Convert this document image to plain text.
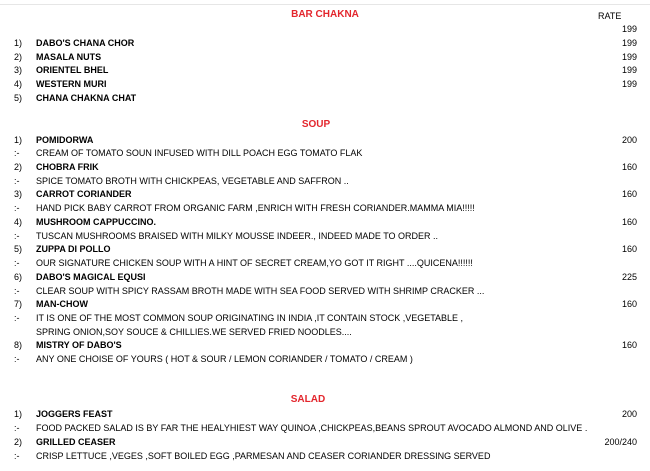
BAR CHAKNA	RATE
199
1) DABO'S CHANA CHOR	199
2) MASALA NUTS	199
3) ORIENTEL BHEL	199
4) WESTERN MURI	199
5) CHANA CHAKNA CHAT
SOUP
1) POMIDORWA	200
:- CREAM OF TOMATO SOUN INFUSED WITH DILL POACH EGG TOMATO FLAK
2) CHOBRA FRIK	160
:- SPICE TOMATO BROTH WITH CHICKPEAS, VEGETABLE AND SAFFRON ..
3) CARROT CORIANDER	160
:- HAND PICK BABY CARROT FROM ORGANIC FARM ,ENRICH WITH FRESH CORIANDER.MAMMA MIA!!!!!
4) MUSHROOM CAPPUCCINO.	160
:- TUSCAN MUSHROOMS BRAISED WITH MILKY MOUSSE INDEER., INDEED MADE TO ORDER ..
5) ZUPPA DI POLLO	160
:- OUR SIGNATURE CHICKEN SOUP WITH A HINT OF SECRET CREAM,YO GOT IT RIGHT ....QUICENA!!!!!!
6) DABO'S MAGICAL EQUSI	225
:- CLEAR SOUP WITH SPICY RASSAM BROTH MADE WITH SEA FOOD SERVED WITH SHRIMP CRACKER ...
7) MAN-CHOW	160
:- IT IS ONE OF THE MOST COMMON SOUP ORIGINATING IN INDIA ,IT CONTAIN STOCK ,VEGETABLE ,
SPRING ONION,SOY SOUCE & CHILLIES.WE SERVED FRIED NOODLES....
8) MISTRY OF DABO'S	160
:- ANY ONE CHOISE OF YOURS ( HOT & SOUR / LEMON CORIANDER / TOMATO / CREAM )
SALAD
1) JOGGERS FEAST	200
:- FOOD PACKED SALAD IS BY FAR THE HEALYHIEST WAY QUINOA ,CHICKPEAS,BEANS SPROUT AVOCADO ALMOND AND OLIVE .
2) GRILLED CEASER	200/240
:- CRISP LETTUCE ,VEGES ,SOFT BOILED EGG ,PARMESAN AND CEASER CORIANDER DRESSING SERVED
